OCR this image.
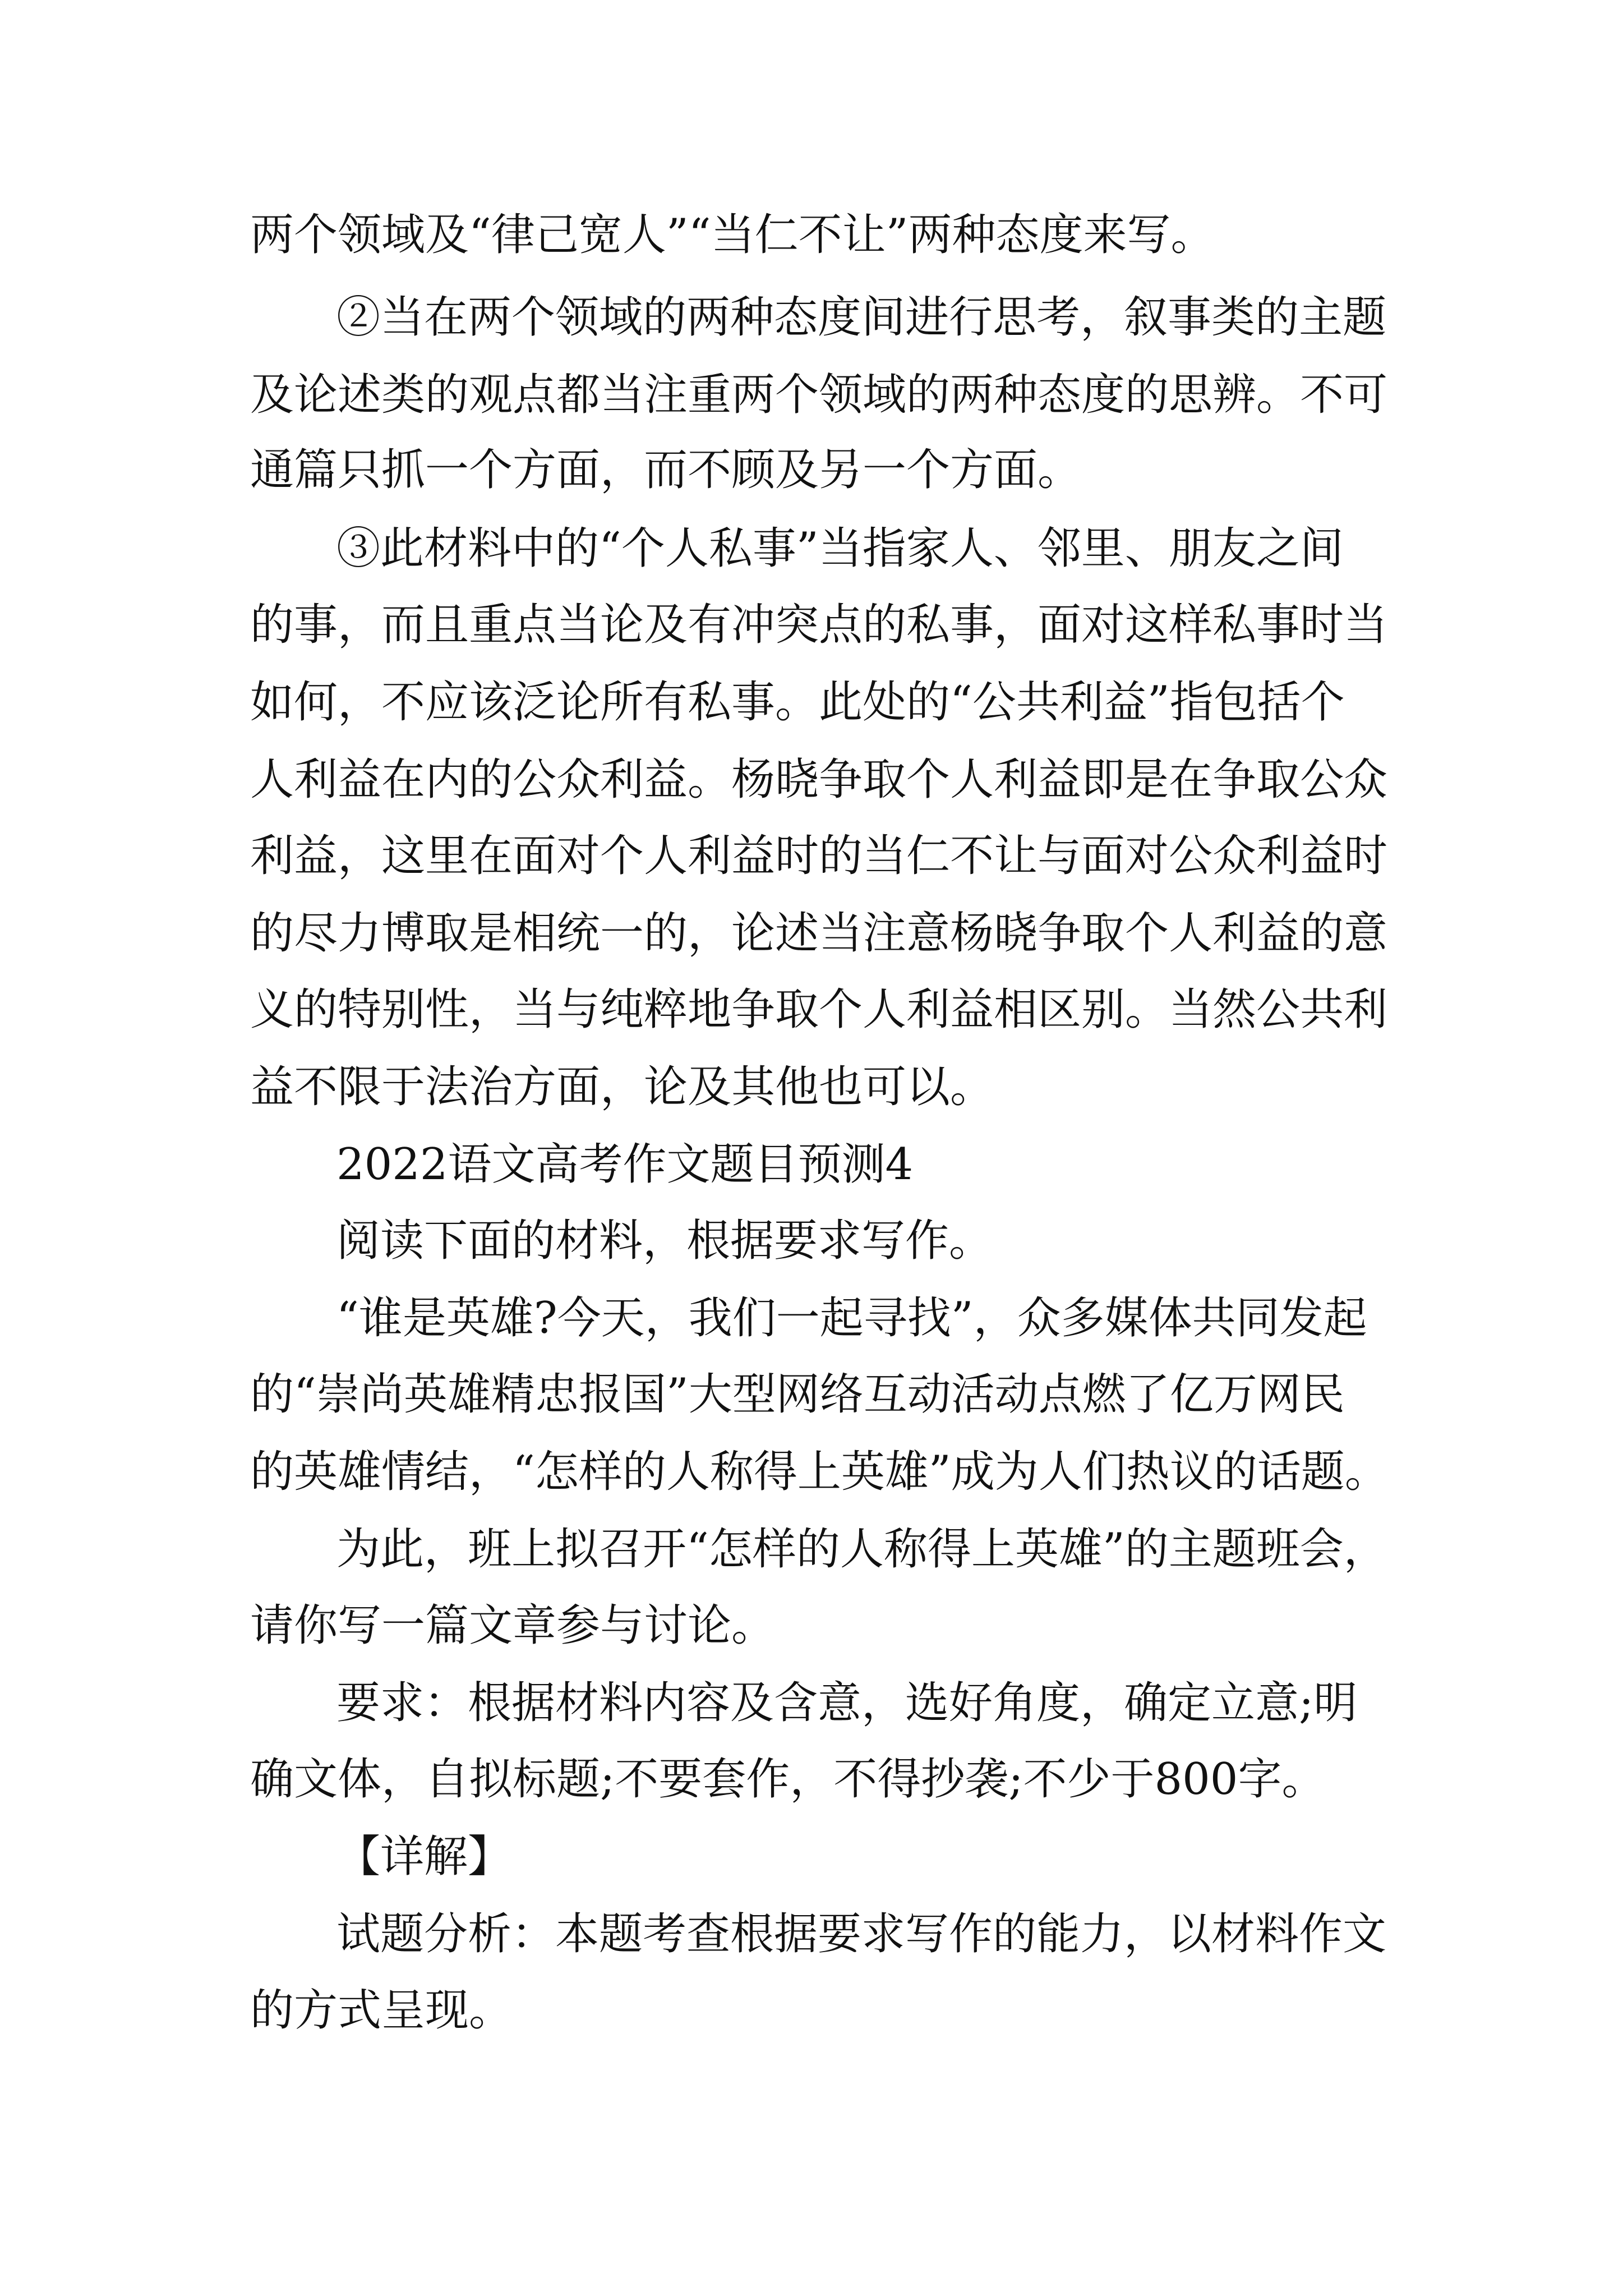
两个领域及“律己宽人”“当仁不让”两种态度来写。
②当在两个领域的两种态度间进行思考，叙事类的主题
及论述类的观点都当注重两个领域的两种态度的思辨。不可
通篇只抓一个方面，而不顾及另一个方面。
③此材料中的“个人私事”当指家人、邻里、朋友之间
的事，而且重点当论及有冲突点的私事，面对这样私事时当
如何，不应该泛论所有私事。此处的“公共利益”指包括个
人利益在内的公众利益。杨晓争取个人利益即是在争取公众
利益，这里在面对个人利益时的当仁不让与面对公众利益时
的尽力博取是相统一的，论述当注意杨晓争取个人利益的意
义的特别性，当与纯粹地争取个人利益相区别。当然公共利
益不限于法治方面，论及其他也可以。
2022语文高考作文题目预测4
阅读下面的材料，根据要求写作。
“谁是英雄?今天，我们一起寻找”，众多媒体共同发起
的“崇尚英雄精忠报国”大型网络互动活动点燃了亿万网民
的英雄情结，“怎样的人称得上英雄”成为人们热议的话题。
为此，班上拟召开“怎样的人称得上英雄”的主题班会，
请你写一篇文章参与讨论。
要求：根据材料内容及含意，选好角度，确定立意;明
确文体，自拟标题;不要套作，不得抄袭;不少于800字。
【详解】
试题分析：本题考查根据要求写作的能力，以材料作文
的方式呈现。
